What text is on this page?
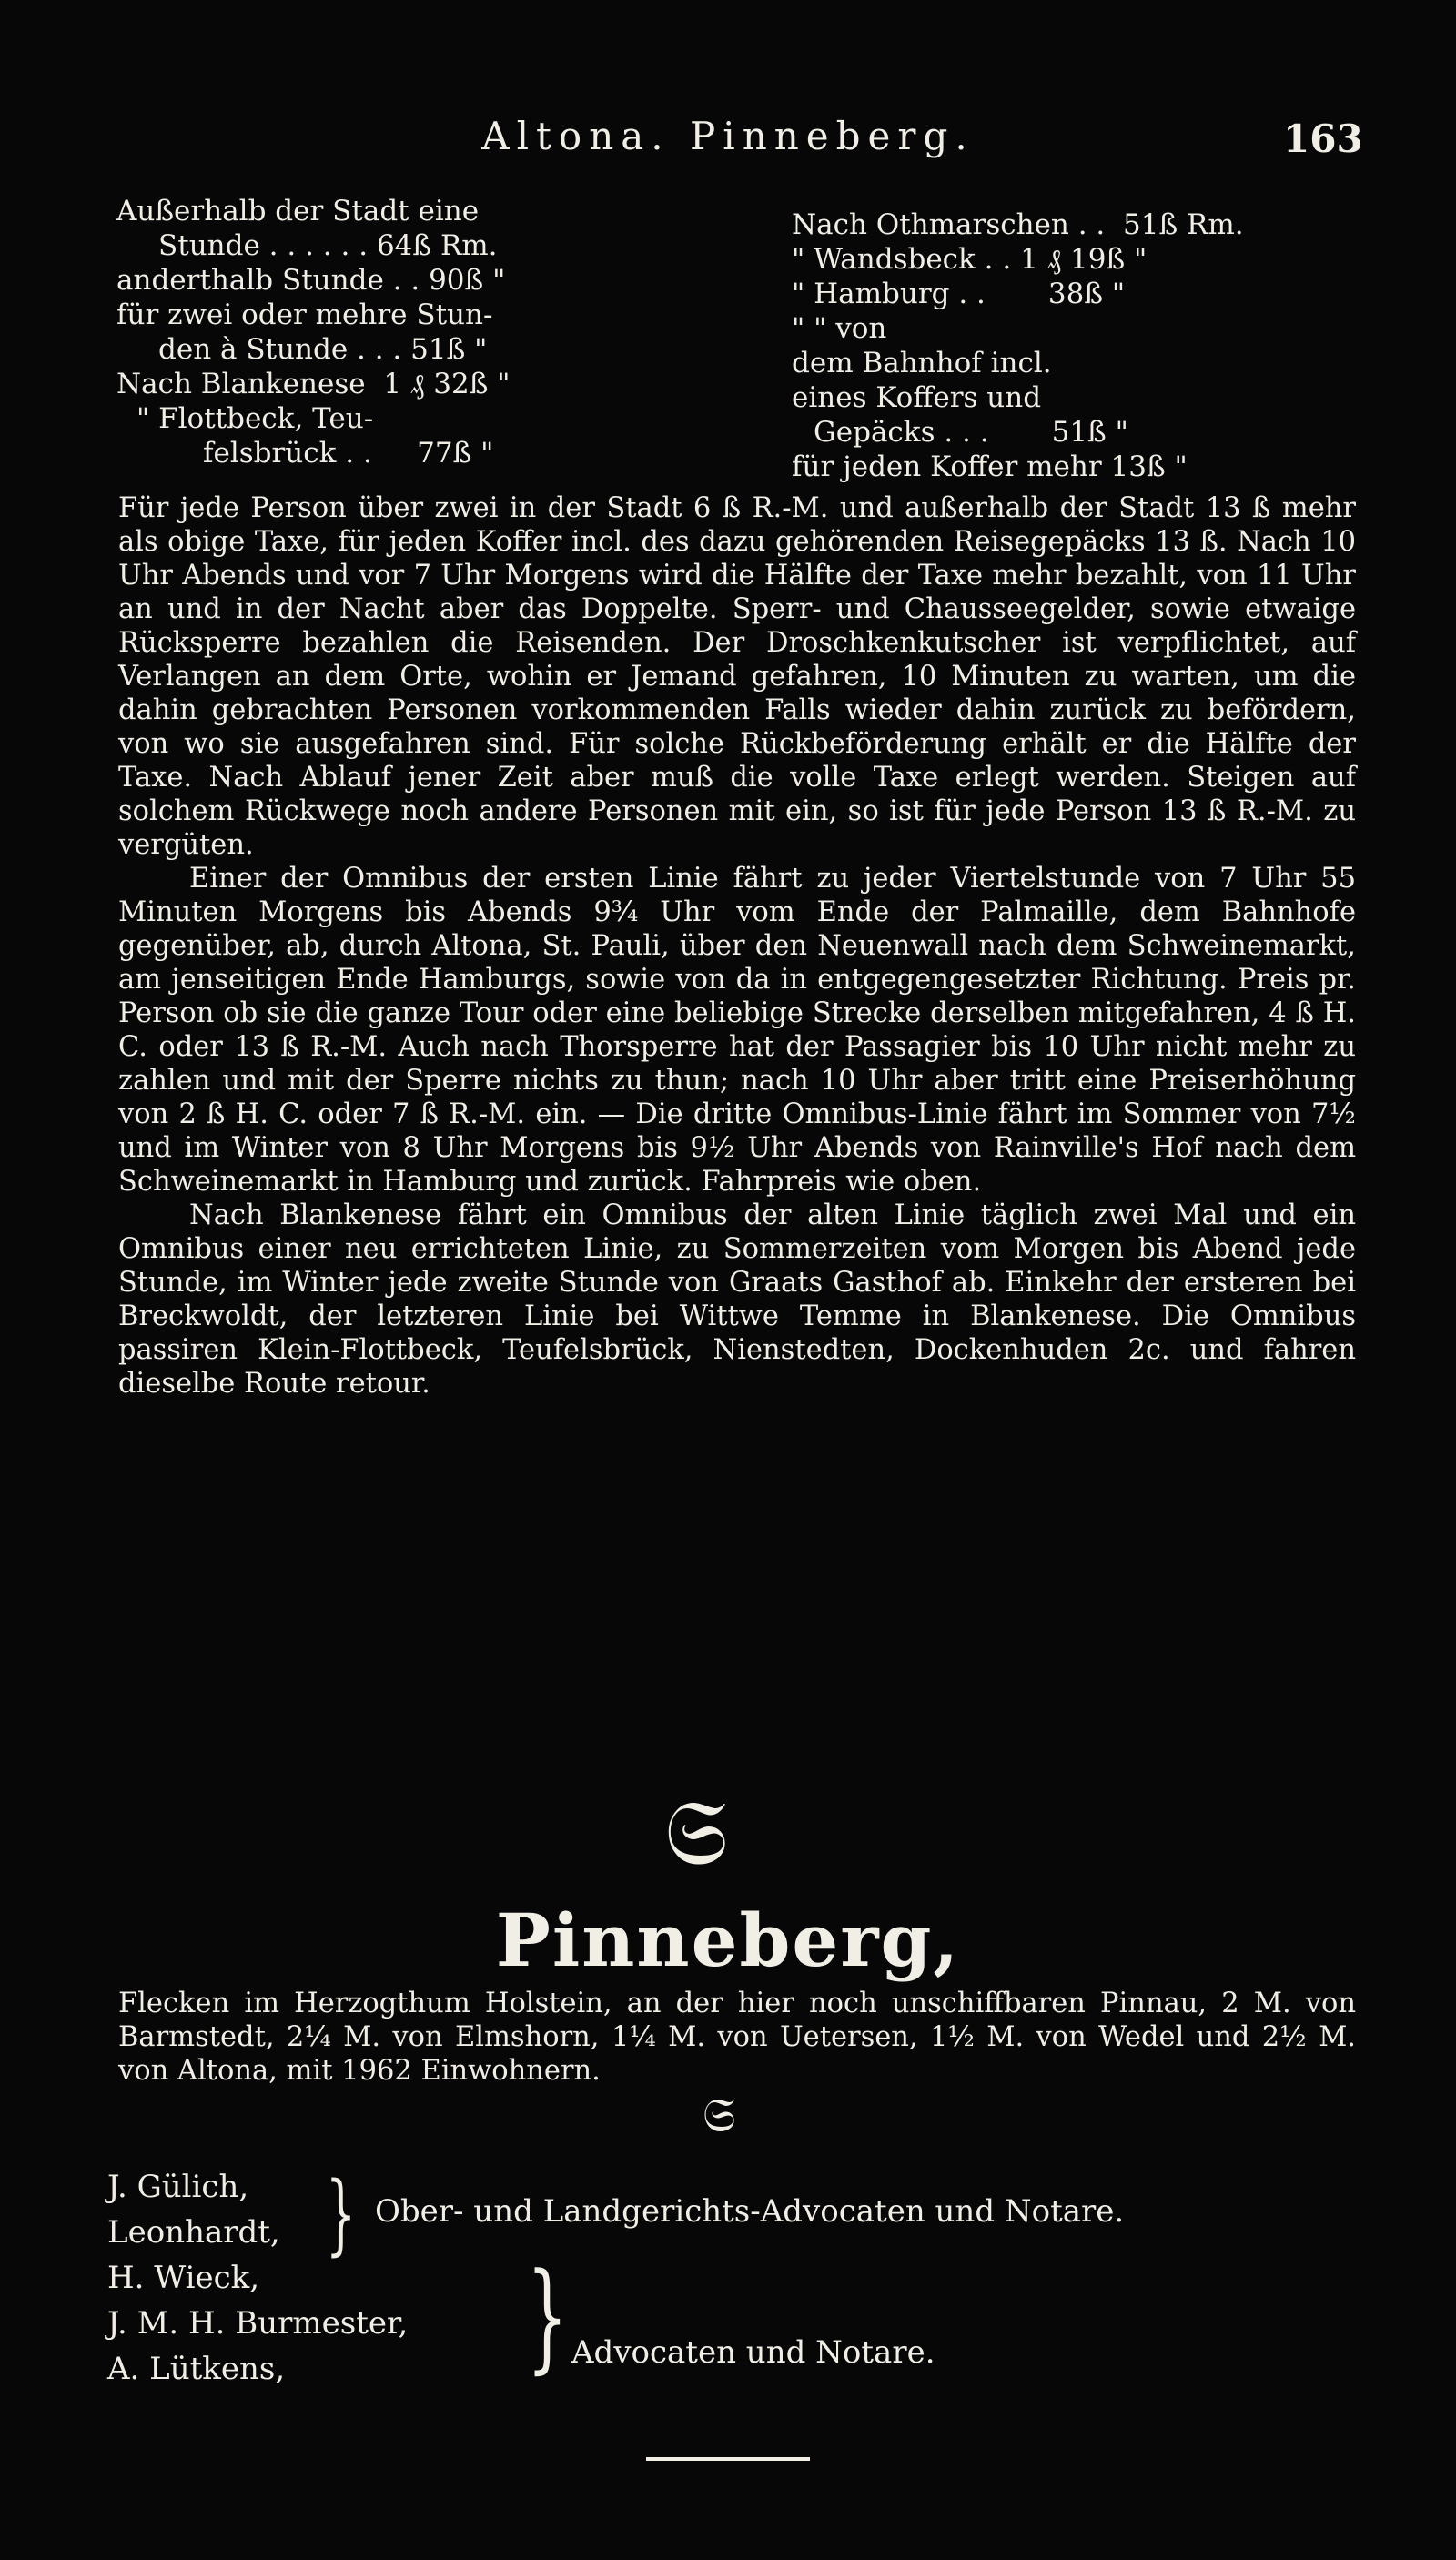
Altona. Pinneberg.	163
Außerhalb der Stadt eine
Stunde . . . . . . 64ß Rm.
anderthalb Stunde . . 90ß "
für zwei oder mehre Stun-
den à Stunde . . . 51ß "
Nach Blankenese 1 ₰ 32ß "
" Flottbeck, Teu-
felsbrück . . 77ß "
Nach Othmarschen . . 51ß Rm.
" Wandsbeck . . 1 ₰ 19ß "
" Hamburg . . 38ß "
" " von
dem Bahnhof incl.
eines Koffers und
Gepäcks . . . 51ß "
für jeden Koffer mehr 13ß "

Für jede Person über zwei in der Stadt 6 ß R.-M. und außerhalb der Stadt 13 ß mehr als obige Taxe, für jeden Koffer incl. des dazu gehörenden Reisegepäcks 13 ß. Nach 10 Uhr Abends und vor 7 Uhr Morgens wird die Hälfte der Taxe mehr bezahlt, von 11 Uhr an und in der Nacht aber das Doppelte. Sperr- und Chausseegelder, sowie etwaige Rücksperre bezahlen die Reisenden. Der Droschkenkutscher ist verpflichtet, auf Verlangen an dem Orte, wohin er Jemand gefahren, 10 Minuten zu warten, um die dahin gebrachten Personen vorkommenden Falls wieder dahin zurück zu befördern, von wo sie ausgefahren sind. Für solche Rückbeförderung erhält er die Hälfte der Taxe. Nach Ablauf jener Zeit aber muß die volle Taxe erlegt werden. Steigen auf solchem Rückwege noch andere Personen mit ein, so ist für jede Person 13 ß R.-M. zu vergüten.

Einer der Omnibus der ersten Linie fährt zu jeder Viertelstunde von 7 Uhr 55 Minuten Morgens bis Abends 9¾ Uhr vom Ende der Palmaille, dem Bahnhofe gegenüber, ab, durch Altona, St. Pauli, über den Neuenwall nach dem Schweinemarkt, am jenseitigen Ende Hamburgs, sowie von da in entgegengesetzter Richtung. Preis pr. Person ob sie die ganze Tour oder eine beliebige Strecke derselben mitgefahren, 4 ß H. C. oder 13 ß R.-M. Auch nach Thorsperre hat der Passagier bis 10 Uhr nicht mehr zu zahlen und mit der Sperre nichts zu thun; nach 10 Uhr aber tritt eine Preiserhöhung von 2 ß H. C. oder 7 ß R.-M. ein. — Die dritte Omnibus-Linie fährt im Sommer von 7½ und im Winter von 8 Uhr Morgens bis 9½ Uhr Abends von Rainville's Hof nach dem Schweinemarkt in Hamburg und zurück. Fahrpreis wie oben.

Nach Blankenese fährt ein Omnibus der alten Linie täglich zwei Mal und ein Omnibus einer neu errichteten Linie, zu Sommerzeiten vom Morgen bis Abend jede Stunde, im Winter jede zweite Stunde von Graats Gasthof ab. Einkehr der ersteren bei Breckwoldt, der letzteren Linie bei Wittwe Temme in Blankenese. Die Omnibus passiren Klein-Flottbeck, Teufelsbrück, Nienstedten, Dockenhuden 2c. und fahren dieselbe Route retour.

𝔖
Pinneberg,
Flecken im Herzogthum Holstein, an der hier noch unschiffbaren Pinnau, 2 M. von Barmstedt, 2¼ M. von Elmshorn, 1¼ M. von Uetersen, 1½ M. von Wedel und 2½ M. von Altona, mit 1962 Einwohnern.
𝔖
J. Gülich,
Leonhardt, } Ober- und Landgerichts-Advocaten und Notare.
H. Wieck,
J. M. H. Burmester,
A. Lütkens,	} Advocaten und Notare.
